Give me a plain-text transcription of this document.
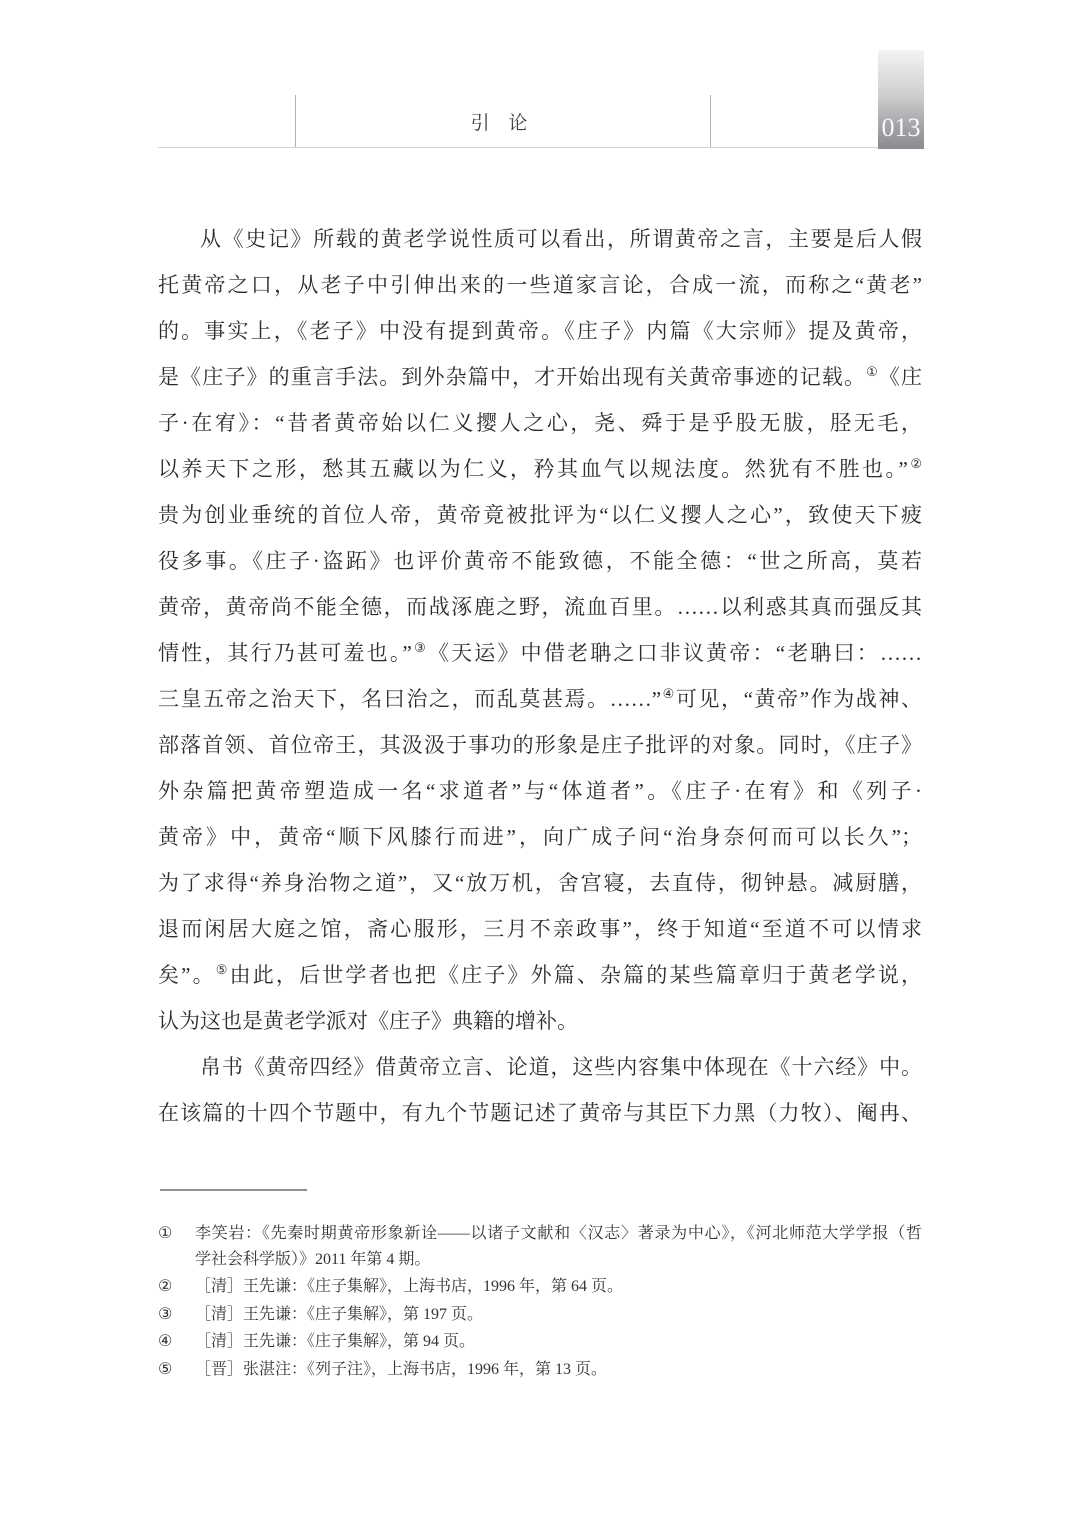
引 论	013
从《史记》所载的黄老学说性质可以看出，所谓黄帝之言，主要是后人假
托黄帝之口，从老子中引伸出来的一些道家言论，合成一流，而称之“黄老”
的。事实上，《老子》中没有提到黄帝。《庄子》内篇《大宗师》提及黄帝，
是《庄子》的重言手法。到外杂篇中，才开始出现有关黄帝事迹的记载。①《庄
子·在宥》：“昔者黄帝始以仁义撄人之心，尧、舜于是乎股无胈，胫无毛，
以养天下之形，愁其五藏以为仁义，矜其血气以规法度。然犹有不胜也。”②
贵为创业垂统的首位人帝，黄帝竟被批评为“以仁义撄人之心”，致使天下疲
役多事。《庄子·盗跖》也评价黄帝不能致德，不能全德：“世之所高，莫若
黄帝，黄帝尚不能全德，而战涿鹿之野，流血百里。……以利惑其真而强反其
情性，其行乃甚可羞也。”③《天运》中借老聃之口非议黄帝：“老聃曰：……
三皇五帝之治天下，名曰治之，而乱莫甚焉。……”④可见，“黄帝”作为战神、
部落首领、首位帝王，其汲汲于事功的形象是庄子批评的对象。同时，《庄子》
外杂篇把黄帝塑造成一名“求道者”与“体道者”。《庄子·在宥》和《列子·
黄帝》中，黄帝“顺下风膝行而进”，向广成子问“治身奈何而可以长久”；
为了求得“养身治物之道”，又“放万机，舍宫寝，去直侍，彻钟悬。减厨膳，
退而闲居大庭之馆，斋心服形，三月不亲政事”，终于知道“至道不可以情求
矣”。⑤由此，后世学者也把《庄子》外篇、杂篇的某些篇章归于黄老学说，
认为这也是黄老学派对《庄子》典籍的增补。
帛书《黄帝四经》借黄帝立言、论道，这些内容集中体现在《十六经》中。
在该篇的十四个节题中，有九个节题记述了黄帝与其臣下力黑（力牧）、阉冉、
①	李笑岩：《先秦时期黄帝形象新诠——以诸子文献和〈汉志〉著录为中心》，《河北师范大学学报（哲
学社会科学版）》2011 年第 4 期。
②	［清］王先谦：《庄子集解》，上海书店，1996 年，第 64 页。
③	［清］王先谦：《庄子集解》，第 197 页。
④	［清］王先谦：《庄子集解》，第 94 页。
⑤	［晋］张湛注：《列子注》，上海书店，1996 年，第 13 页。
